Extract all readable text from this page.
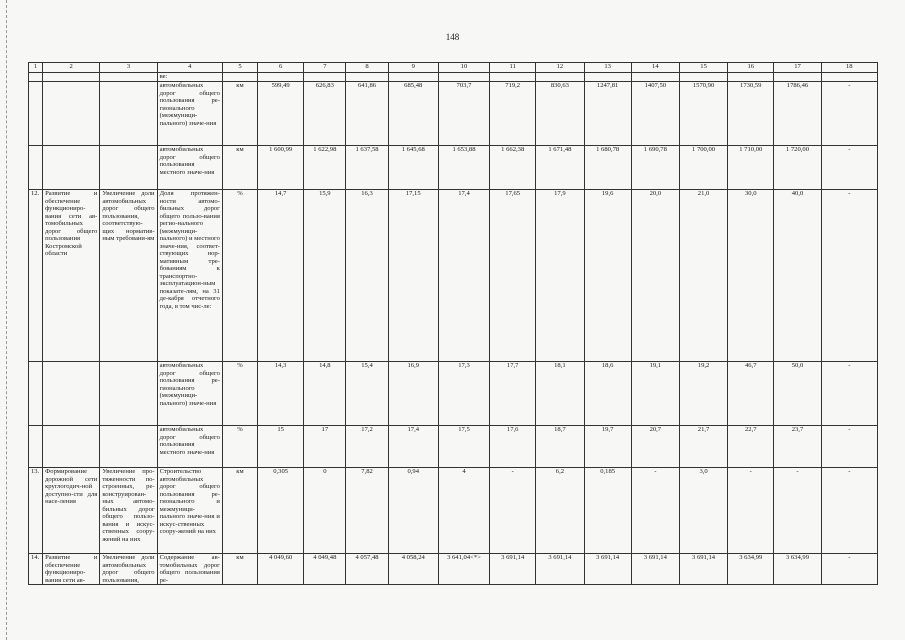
148
1	2	3	4	5	6	7	8	9	10	11	12	13	14	15	16	17	18
			ве:														
			автомобильных дорог общего пользования ре-гионального (межмуници-пального) значе-ния	км	599,49	626,83	641,86	685,48	703,7	719,2	830,63	1247,81	1407,50	1570,90	1730,59	1786,46	-
			автомобильных дорог общего пользования местного значе-ния	км	1 600,99	1 622,98	1 637,58	1 645,68	1 653,88	1 662,38	1 671,48	1 680,78	1 690,78	1 700,00	1 710,00	1 720,00	-
12.	Развитие и обеспечение функциониро-вания сети ав-томобильных дорог общего пользования Костромской области	Увеличение доли автомобильных дорог общего пользования, соответствую-щих норматив-ным требовани-ям	Доля протяжен-ности автомо-бильных дорог общего пользо-вания регио-нального (межмуници-пального) и местного значе-ния, соответ-ствующих нор-мативным тре-бованиям к транспортно-эксплуатацион-ным показате-лям, на 31 де-кабря отчетного года, в том чис-ле:	%	14,7	15,9	16,3	17,15	17,4	17,65	17,9	19,6	20,0	21,0	30,0	40,0	-
			автомобильных дорог общего пользования ре-гионального (межмуници-пального) значе-ния	%	14,3	14,8	15,4	16,9	17,3	17,7	18,1	18,6	19,1	19,2	46,7	50,0	-
			автомобильных дорог общего пользования местного значе-ния	%	15	17	17,2	17,4	17,5	17,6	18,7	19,7	20,7	21,7	22,7	23,7	-
13.	Формирование дорожной сети круглогодич-ной доступно-сти для насе-ления	Увеличение про-тяженности по-строенных, ре-конструирован-ных автомо-бильных дорог общего пользо-вания и искус-ственных соору-жений на них	Строительство автомобильных дорог общего пользования ре-гионального и межмуници-пального значе-ния и искус-ственных соору-жений на них	км	0,305	0	7,82	0,94	4	-	6,2	0,185	-	3,0	-	-	-
14.	Развитие и обеспечение функциониро-вания сети ав-	Увеличение доли автомобильных дорог общего пользования,	Содержание ав-томобильных дорог общего пользования ре-	км	4 049,60	4 049,48	4 057,48	4 058,24	3 641,04<*>	3 691,14	3 691,14	3 691,14	3 691,14	3 691,14	3 634,99	3 634,99	-
